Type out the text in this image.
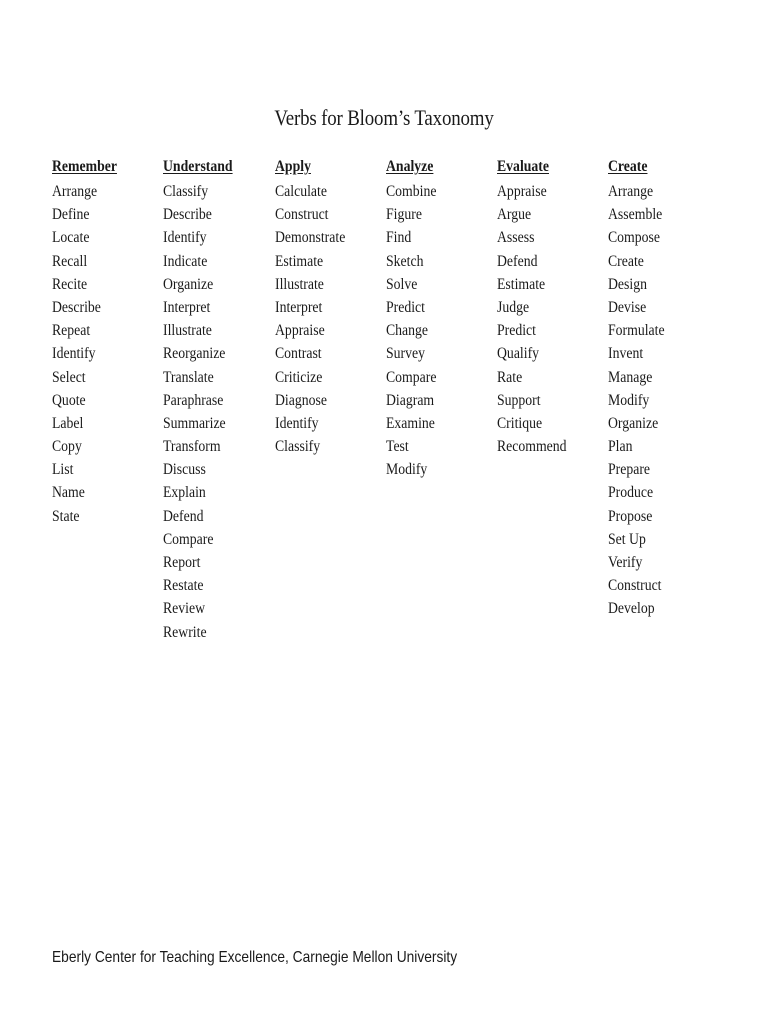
Verbs for Bloom’s Taxonomy
Remember
Arrange
Define
Locate
Recall
Recite
Describe
Repeat
Identify
Select
Quote
Label
Copy
List
Name
State
Understand
Classify
Describe
Identify
Indicate
Organize
Interpret
Illustrate
Reorganize
Translate
Paraphrase
Summarize
Transform
Discuss
Explain
Defend
Compare
Report
Restate
Review
Rewrite
Apply
Calculate
Construct
Demonstrate
Estimate
Illustrate
Interpret
Appraise
Contrast
Criticize
Diagnose
Identify
Classify
Analyze
Combine
Figure
Find
Sketch
Solve
Predict
Change
Survey
Compare
Diagram
Examine
Test
Modify
Evaluate
Appraise
Argue
Assess
Defend
Estimate
Judge
Predict
Qualify
Rate
Support
Critique
Recommend
Create
Arrange
Assemble
Compose
Create
Design
Devise
Formulate
Invent
Manage
Modify
Organize
Plan
Prepare
Produce
Propose
Set Up
Verify
Construct
Develop
Eberly Center for Teaching Excellence, Carnegie Mellon University
